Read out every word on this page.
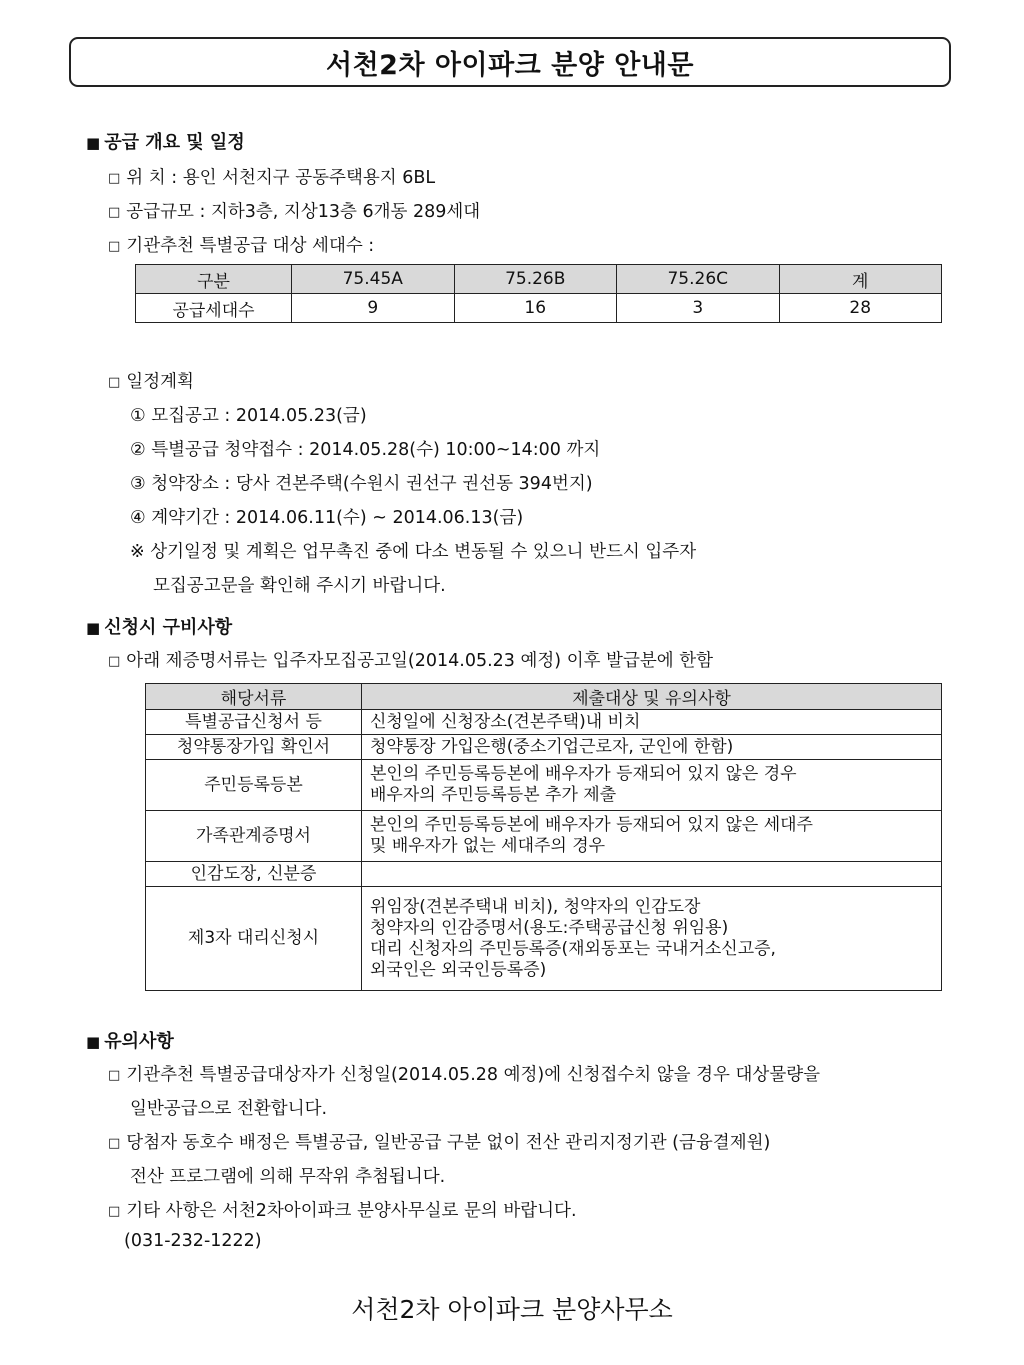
서천2차 아이파크 분양 안내문
■ 공급 개요 및 일정
□ 위 치 : 용인 서천지구 공동주택용지 6BL
□ 공급규모 : 지하3층, 지상13층 6개동 289세대
□ 기관추천 특별공급 대상 세대수 :
구분	75.45A	75.26B	75.26C	계
공급세대수	9	16	3	28
□ 일정계획
① 모집공고 : 2014.05.23(금)
② 특별공급 청약접수 : 2014.05.28(수) 10:00~14:00 까지
③ 청약장소 : 당사 견본주택(수원시 권선구 권선동 394번지)
④ 계약기간 : 2014.06.11(수) ~ 2014.06.13(금)
※ 상기일정 및 계획은 업무촉진 중에 다소 변동될 수 있으니 반드시 입주자
모집공고문을 확인해 주시기 바랍니다.
■ 신청시 구비사항
□ 아래 제증명서류는 입주자모집공고일(2014.05.23 예정) 이후 발급분에 한함
해당서류	제출대상 및 유의사항
특별공급신청서 등	신청일에 신청장소(견본주택)내 비치

청약통장가입 확인서	청약통장 가입은행(중소기업근로자, 군인에 한함)

주민등록등본	본인의 주민등록등본에 배우자가 등재되어 있지 않은 경우
배우자의 주민등록등본 추가 제출

가족관계증명서	본인의 주민등록등본에 배우자가 등재되어 있지 않은 세대주
및 배우자가 없는 세대주의 경우

인감도장, 신분증	

제3자 대리신청시	위임장(견본주택내 비치), 청약자의 인감도장
청약자의 인감증명서(용도:주택공급신청 위임용)
대리 신청자의 주민등록증(재외동포는 국내거소신고증,
외국인은 외국인등록증)
■ 유의사항
□ 기관추천 특별공급대상자가 신청일(2014.05.28 예정)에 신청접수치 않을 경우 대상물량을
일반공급으로 전환합니다.
□ 당첨자 동호수 배정은 특별공급, 일반공급 구분 없이 전산 관리지정기관 (금융결제원)
전산 프로그램에 의해 무작위 추첨됩니다.
□ 기타 사항은 서천2차아이파크 분양사무실로 문의 바랍니다.
(031-232-1222)
서천2차 아이파크 분양사무소
